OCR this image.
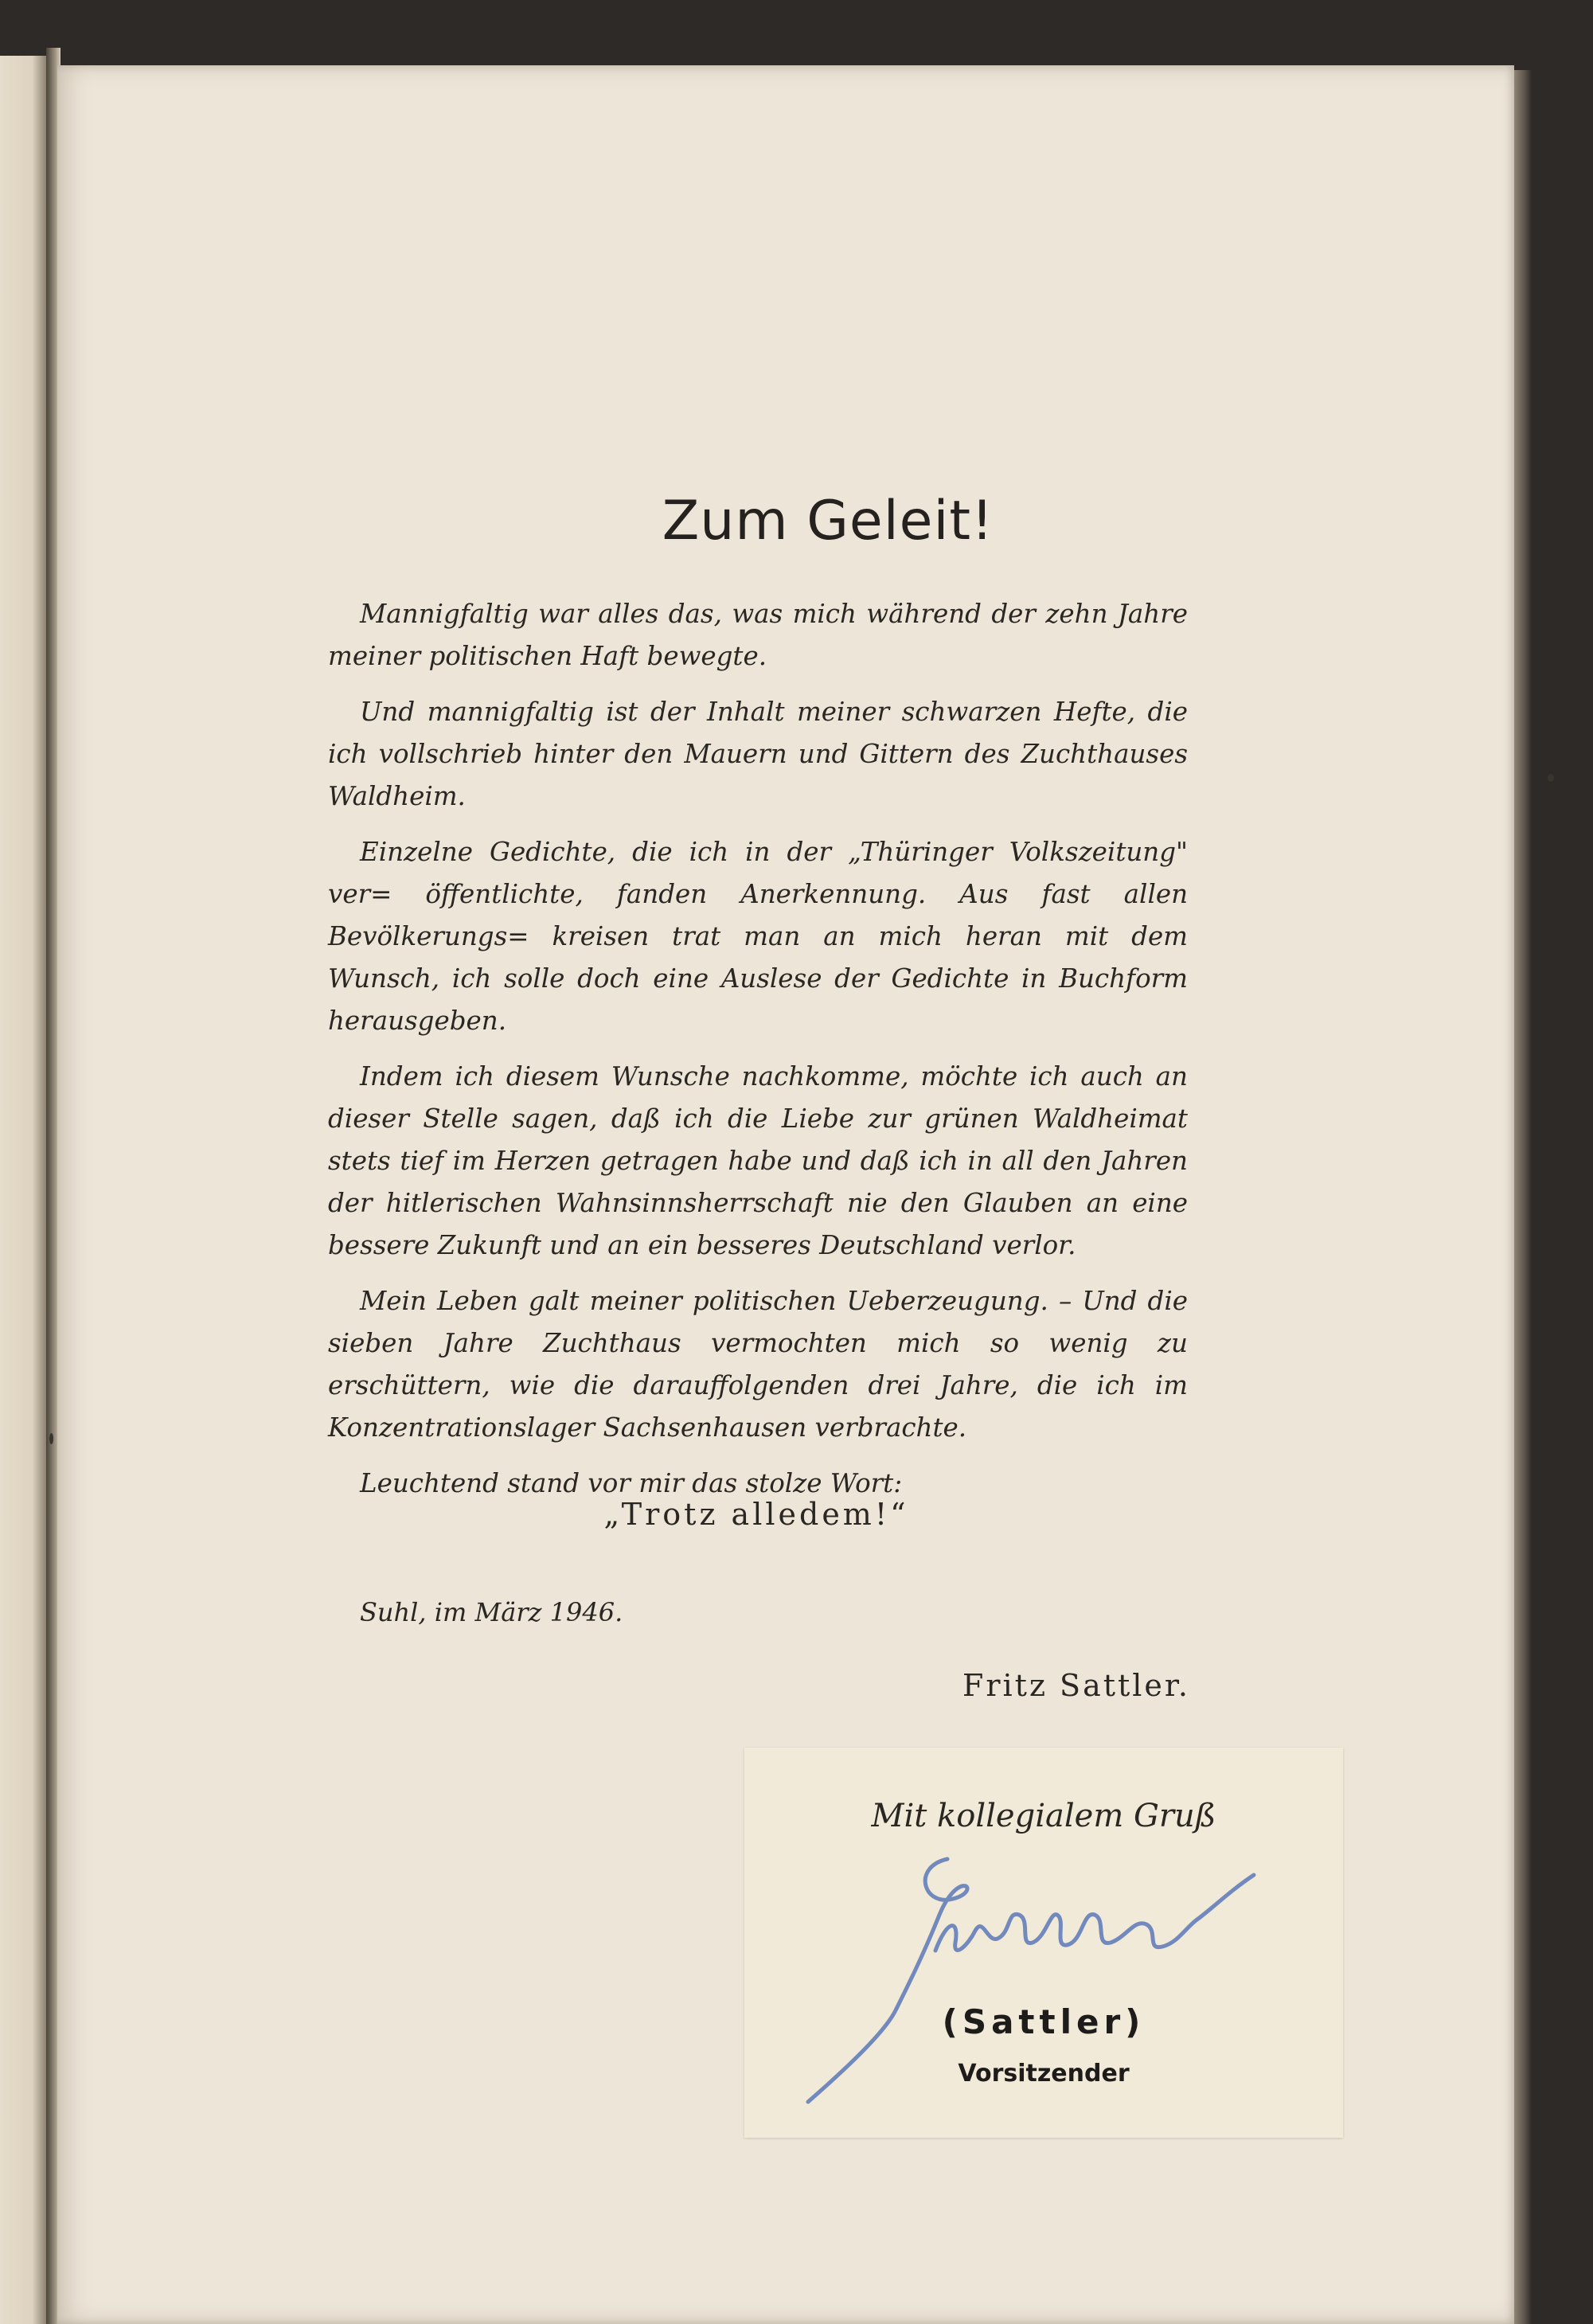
Zum Geleit!

Mannigfaltig war alles das, was mich während der zehn Jahre meiner politischen Haft bewegte.

Und mannigfaltig ist der Inhalt meiner schwarzen Hefte, die ich vollschrieb hinter den Mauern und Gittern des Zuchthauses Waldheim.

Einzelne Gedichte, die ich in der „Thüringer Volkszeitung" ver= öffentlichte, fanden Anerkennung. Aus fast allen Bevölkerungs= kreisen trat man an mich heran mit dem Wunsch, ich solle doch eine Auslese der Gedichte in Buchform herausgeben.

Indem ich diesem Wunsche nachkomme, möchte ich auch an dieser Stelle sagen, daß ich die Liebe zur grünen Waldheimat stets tief im Herzen getragen habe und daß ich in all den Jahren der hitlerischen Wahnsinnsherrschaft nie den Glauben an eine bessere Zukunft und an ein besseres Deutschland verlor.

Mein Leben galt meiner politischen Ueberzeugung. – Und die sieben Jahre Zuchthaus vermochten mich so wenig zu erschüttern, wie die darauffolgenden drei Jahre, die ich im Konzentrationslager Sachsenhausen verbrachte.

Leuchtend stand vor mir das stolze Wort:

„Trotz alledem!“
Suhl, im März 1946.
Fritz Sattler.
Mit kollegialem Gruß
(Sattler)
Vorsitzender
